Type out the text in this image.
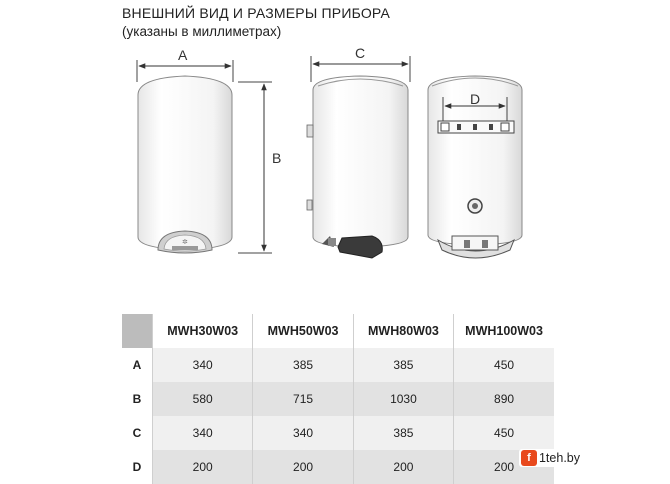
ВНЕШНИЙ ВИД И РАЗМЕРЫ ПРИБОРА
(указаны в миллиметрах)
A
✲
B
C
D
	MWH30W03	MWH50W03	MWH80W03	MWH100W03
A	340	385	385	450
B	580	715	1030	890
C	340	340	385	450
D	200	200	200	200
f 1teh.by
